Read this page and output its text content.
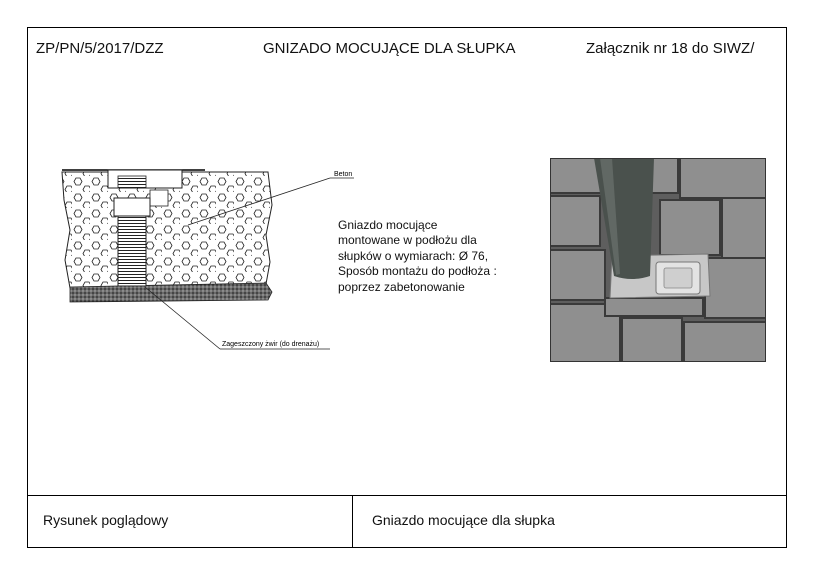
ZP/PN/5/2017/DZZ	GNIZADO MOCUJĄCE DLA SŁUPKA	Załącznik nr 18 do SIWZ/
Beton
Zageszczony żwir (do drenażu)
Gniazdo mocujące
montowane w podłożu dla
słupków o wymiarach: Ø 76,
Sposób montażu do podłoża :
poprzez zabetonowanie
Rysunek poglądowy	Gniazdo mocujące dla słupka
